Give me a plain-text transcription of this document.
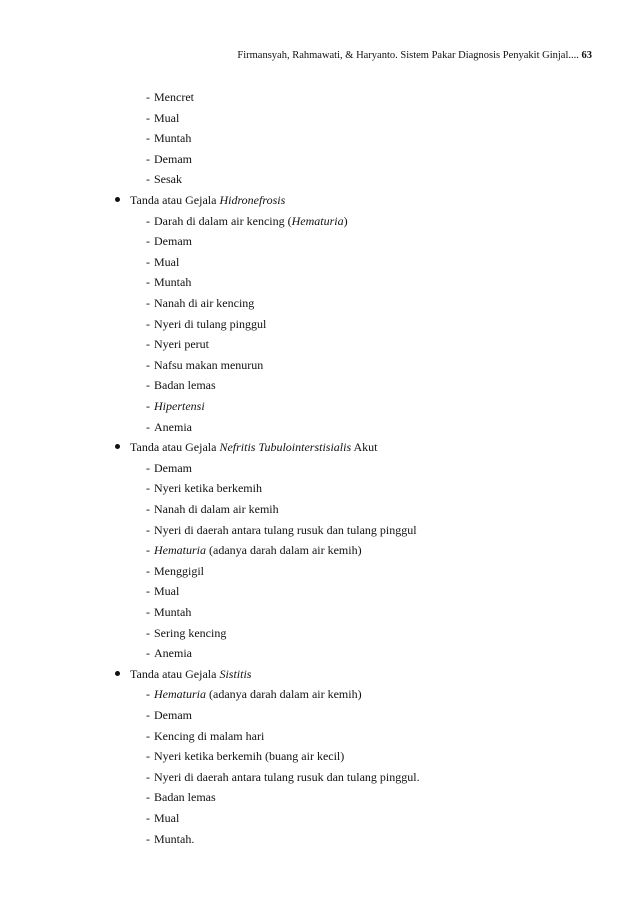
Firmansyah, Rahmawati, & Haryanto. Sistem Pakar Diagnosis Penyakit Ginjal.... 63
- Mencret
- Mual
- Muntah
- Demam
- Sesak
Tanda atau Gejala Hidronefrosis
- Darah di dalam air kencing (Hematuria)
- Demam
- Mual
- Muntah
- Nanah di air kencing
- Nyeri di tulang pinggul
- Nyeri perut
- Nafsu makan menurun
- Badan lemas
- Hipertensi
- Anemia
Tanda atau Gejala Nefritis Tubulointerstisialis Akut
- Demam
- Nyeri ketika berkemih
- Nanah di dalam air kemih
- Nyeri di daerah antara tulang rusuk dan tulang pinggul
- Hematuria (adanya darah dalam air kemih)
- Menggigil
- Mual
- Muntah
- Sering kencing
- Anemia
Tanda atau Gejala Sistitis
- Hematuria (adanya darah dalam air kemih)
- Demam
- Kencing di malam hari
- Nyeri ketika berkemih (buang air kecil)
- Nyeri di daerah antara tulang rusuk dan tulang pinggul.
- Badan lemas
- Mual
- Muntah.
